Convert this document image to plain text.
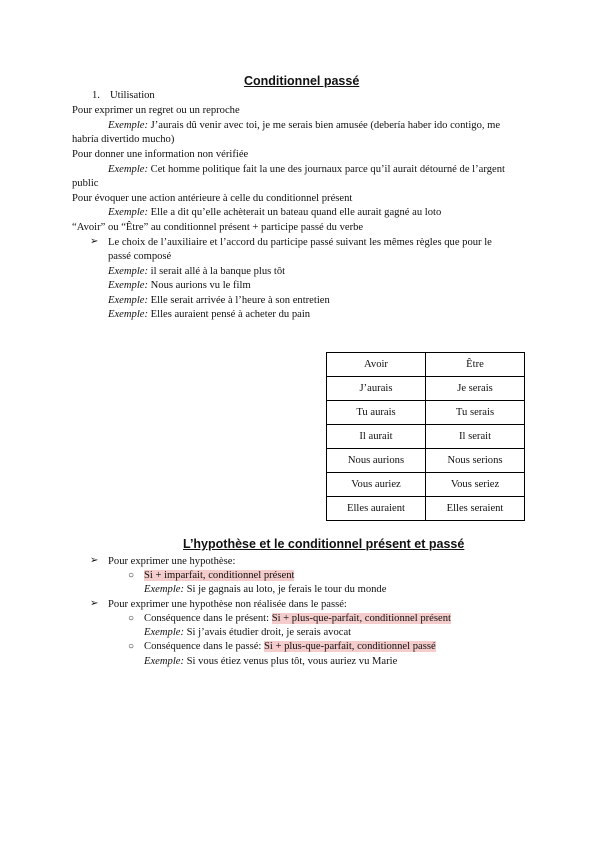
Conditionnel passé
1. Utilisation
Pour exprimer un regret ou un reproche
Exemple: J’aurais dû venir avec toi, je me serais bien amusée (debería haber ido contigo, me
habría divertido mucho)
Pour donner une information non vérifiée
Exemple: Cet homme politique fait la une des journaux parce qu’il aurait détourné de l’argent
public
Pour évoquer une action antérieure à celle du conditionnel présent
Exemple: Elle a dit qu’elle achèterait un bateau quand elle aurait gagné au loto
“Avoir” ou “Être” au conditionnel présent + participe passé du verbe
➢ Le choix de l’auxiliaire et l’accord du participe passé suivant les mêmes règles que pour le
passé composé
Exemple: il serait allé à la banque plus tôt
Exemple: Nous aurions vu le film
Exemple: Elle serait arrivée à l’heure à son entretien
Exemple: Elles auraient pensé à acheter du pain
Avoir	Être
J’aurais	Je serais
Tu aurais	Tu serais
Il aurait	Il serait
Nous aurions	Nous serions
Vous auriez	Vous seriez
Elles auraient	Elles seraient
L’hypothèse et le conditionnel présent et passé
➢ Pour exprimer une hypothèse:
○ Si + imparfait, conditionnel présent
Exemple: Si je gagnais au loto, je ferais le tour du monde
➢ Pour exprimer une hypothèse non réalisée dans le passé:
○ Conséquence dans le présent: Si + plus-que-parfait, conditionnel présent
Exemple: Si j’avais étudier droit, je serais avocat
○ Conséquence dans le passé: Si + plus-que-parfait, conditionnel passé
Exemple: Si vous étiez venus plus tôt, vous auriez vu Marie
